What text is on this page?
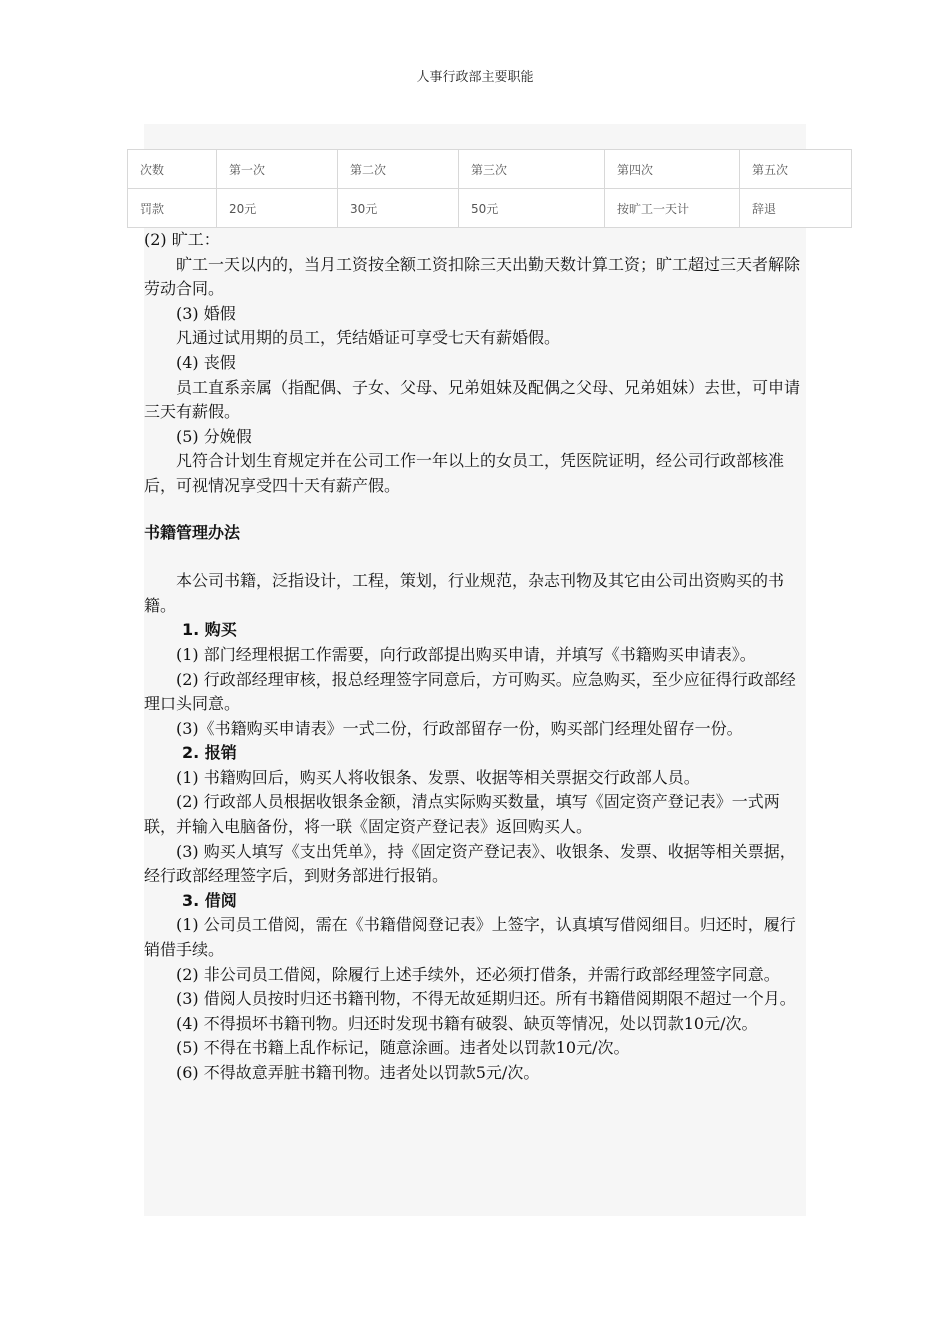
人事行政部主要职能
次数	第一次	第二次	第三次	第四次	第五次
罚款	20元	30元	50元	按旷工一天计	辞退

(2) 旷工：

旷工一天以内的，当月工资按全额工资扣除三天出勤天数计算工资；旷工超过三天者解除劳动合同。

(3) 婚假

凡通过试用期的员工，凭结婚证可享受七天有薪婚假。

(4) 丧假

员工直系亲属（指配偶、子女、父母、兄弟姐妹及配偶之父母、兄弟姐妹）去世，可申请三天有薪假。

(5) 分娩假

凡符合计划生育规定并在公司工作一年以上的女员工，凭医院证明，经公司行政部核准后，可视情况享受四十天有薪产假。

书籍管理办法

本公司书籍，泛指设计，工程，策划，行业规范，杂志刊物及其它由公司出资购买的书籍。

1. 购买

(1) 部门经理根据工作需要，向行政部提出购买申请，并填写《书籍购买申请表》。

(2) 行政部经理审核，报总经理签字同意后，方可购买。应急购买，至少应征得行政部经理口头同意。

(3)《书籍购买申请表》一式二份，行政部留存一份，购买部门经理处留存一份。

2. 报销

(1) 书籍购回后，购买人将收银条、发票、收据等相关票据交行政部人员。

(2) 行政部人员根据收银条金额，清点实际购买数量，填写《固定资产登记表》一式两联，并输入电脑备份，将一联《固定资产登记表》返回购买人。

(3) 购买人填写《支出凭单》，持《固定资产登记表》、收银条、发票、收据等相关票据，经行政部经理签字后，到财务部进行报销。

3. 借阅

(1) 公司员工借阅，需在《书籍借阅登记表》上签字，认真填写借阅细目。归还时，履行销借手续。

(2) 非公司员工借阅，除履行上述手续外，还必须打借条，并需行政部经理签字同意。

(3) 借阅人员按时归还书籍刊物，不得无故延期归还。所有书籍借阅期限不超过一个月。

(4) 不得损坏书籍刊物。归还时发现书籍有破裂、缺页等情况，处以罚款10元/次。

(5) 不得在书籍上乱作标记，随意涂画。违者处以罚款10元/次。

(6) 不得故意弄脏书籍刊物。违者处以罚款5元/次。
